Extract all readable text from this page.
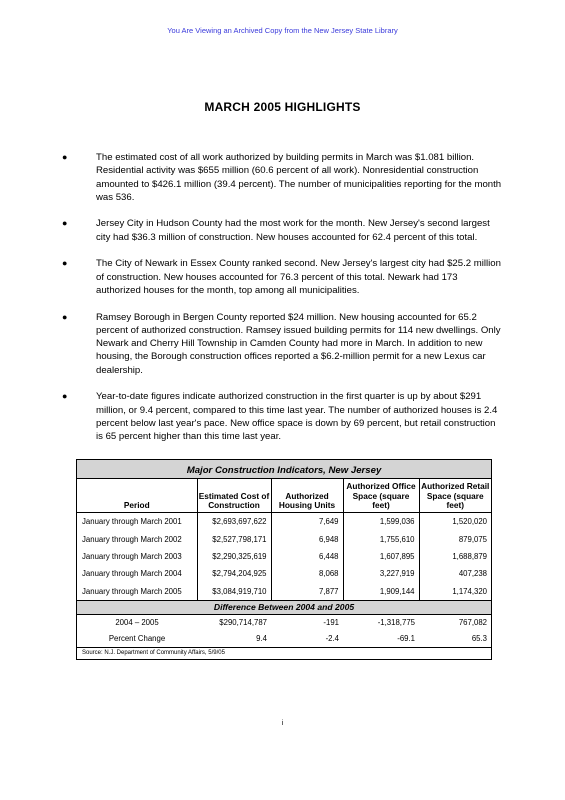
You Are Viewing an Archived Copy from the New Jersey State Library
MARCH 2005 HIGHLIGHTS
●	The estimated cost of all work authorized by building permits in March was $1.081 billion. Residential activity was $655 million (60.6 percent of all work). Nonresidential construction amounted to $426.1 million (39.4 percent). The number of municipalities reporting for the month was 536.
●	Jersey City in Hudson County had the most work for the month. New Jersey's second largest city had $36.3 million of construction. New houses accounted for 62.4 percent of this total.
●	The City of Newark in Essex County ranked second. New Jersey's largest city had $25.2 million of construction. New houses accounted for 76.3 percent of this total. Newark had 173 authorized houses for the month, top among all municipalities.
●	Ramsey Borough in Bergen County reported $24 million. New housing accounted for 65.2 percent of authorized construction. Ramsey issued building permits for 114 new dwellings. Only Newark and Cherry Hill Township in Camden County had more in March. In addition to new housing, the Borough construction offices reported a $6.2-million permit for a new Lexus car dealership.
●	Year-to-date figures indicate authorized construction in the first quarter is up by about $291 million, or 9.4 percent, compared to this time last year. The number of authorized houses is 2.4 percent below last year's pace. New office space is down by 69 percent, but retail construction is 65 percent higher than this time last year.
Major Construction Indicators, New Jersey				
Period	Estimated Cost of Construction	Authorized Housing Units	Authorized Office Space (square feet)	Authorized Retail Space (square feet)
January through March 2001	$2,693,697,622	7,649	1,599,036	1,520,020
January through March 2002	$2,527,798,171	6,948	1,755,610	879,075
January through March 2003	$2,290,325,619	6,448	1,607,895	1,688,879
January through March 2004	$2,794,204,925	8,068	3,227,919	407,238
January through March 2005	$3,084,919,710	7,877	1,909,144	1,174,320
Difference Between 2004 and 2005				
2004 – 2005	$290,714,787	-191	-1,318,775	767,082
Percent Change	9.4	-2.4	-69.1	65.3
Source: N.J. Department of Community Affairs, 5/9/05				
i
